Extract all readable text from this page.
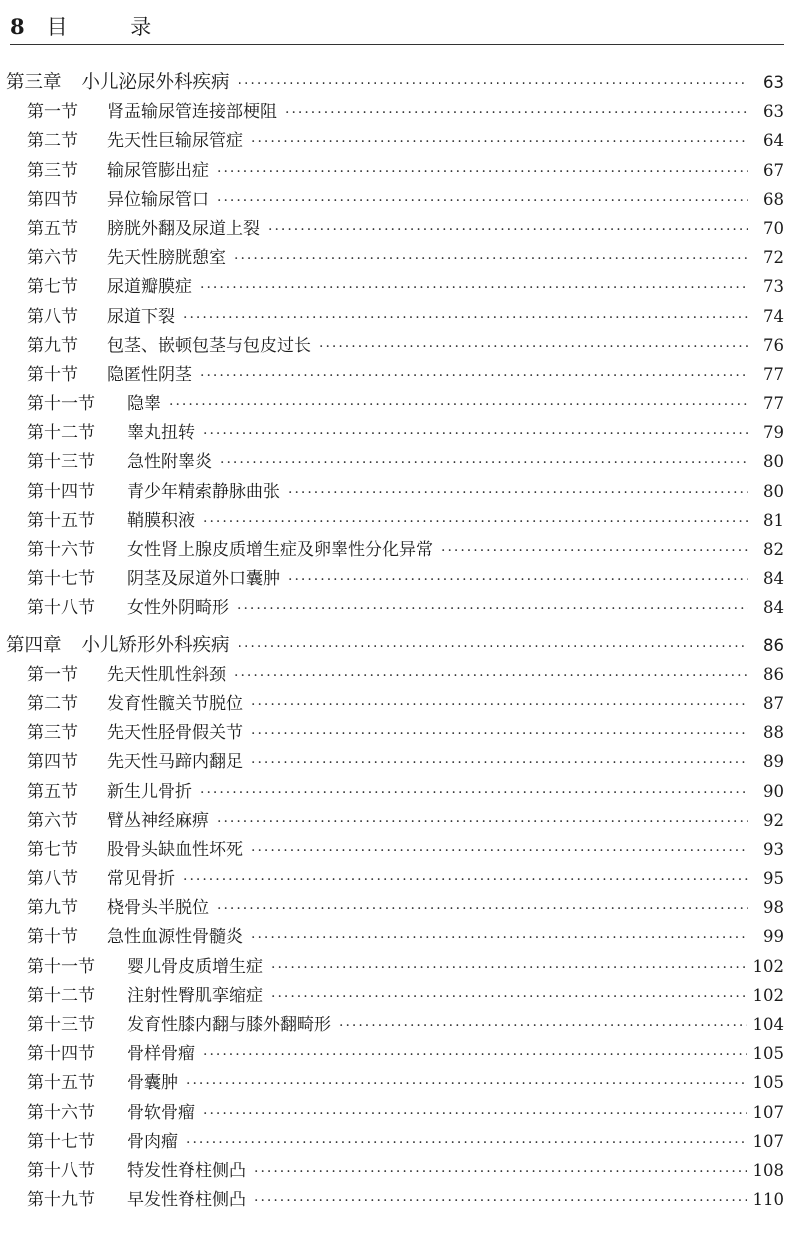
8 目 录
第三章 小儿泌尿外科疾病 ·····	63
第一节	肾盂输尿管连接部梗阻 ·····	63
第二节	先天性巨输尿管症 ·····	64
第三节	输尿管膨出症 ·····	67
第四节	异位输尿管口 ·····	68
第五节	膀胱外翻及尿道上裂 ·····	70
第六节	先天性膀胱憩室 ·····	72
第七节	尿道瓣膜症 ·····	73
第八节	尿道下裂 ·····	74
第九节	包茎、嵌顿包茎与包皮过长 ·····	76
第十节	隐匿性阴茎 ·····	77
第十一节	隐睾 ·····	77
第十二节	睾丸扭转 ·····	79
第十三节	急性附睾炎 ·····	80
第十四节	青少年精索静脉曲张 ·····	80
第十五节	鞘膜积液 ·····	81
第十六节	女性肾上腺皮质增生症及卵睾性分化异常 ·····	82
第十七节	阴茎及尿道外口囊肿 ·····	84
第十八节	女性外阴畸形 ·····	84
第四章 小儿矫形外科疾病 ·····	86
第一节	先天性肌性斜颈 ·····	86
第二节	发育性髋关节脱位 ·····	87
第三节	先天性胫骨假关节 ·····	88
第四节	先天性马蹄内翻足 ·····	89
第五节	新生儿骨折 ·····	90
第六节	臂丛神经麻痹 ·····	92
第七节	股骨头缺血性坏死 ·····	93
第八节	常见骨折 ·····	95
第九节	桡骨头半脱位 ·····	98
第十节	急性血源性骨髓炎 ·····	99
第十一节	婴儿骨皮质增生症 ·····	102
第十二节	注射性臀肌挛缩症 ·····	102
第十三节	发育性膝内翻与膝外翻畸形 ·····	104
第十四节	骨样骨瘤 ·····	105
第十五节	骨囊肿 ·····	105
第十六节	骨软骨瘤 ·····	107
第十七节	骨肉瘤 ·····	107
第十八节	特发性脊柱侧凸 ·····	108
第十九节	早发性脊柱侧凸 ·····	110
